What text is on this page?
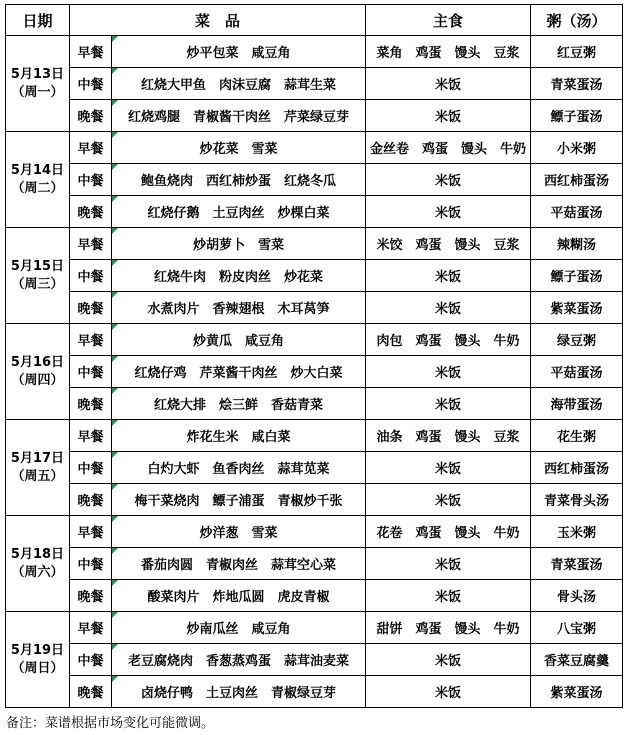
日期	菜　品		主食	粥（汤）

5月13日
（周一）	早餐	炒平包菜　咸豆角	菜角　鸡蛋　馒头　豆浆	红豆粥
	中餐	红烧大甲鱼　肉沫豆腐　蒜茸生菜	米饭	青菜蛋汤
	晚餐	红烧鸡腿　青椒酱干肉丝　芹菜绿豆芽	米饭	鳔子蛋汤

5月14日
（周二）	早餐	炒花菜　雪菜	金丝卷　鸡蛋　馒头　牛奶	小米粥
	中餐	鲍鱼烧肉　西红柿炒蛋　红烧冬瓜	米饭	西红柿蛋汤
	晚餐	红烧仔鹅　土豆肉丝　炒棵白菜	米饭	平菇蛋汤

5月15日
（周三）	早餐	炒胡萝卜　雪菜	米饺　鸡蛋　馒头　豆浆	辣糊汤
	中餐	红烧牛肉　粉皮肉丝　炒花菜	米饭	鳔子蛋汤
	晚餐	水煮肉片　香辣翅根　木耳莴笋	米饭	紫菜蛋汤

5月16日
（周四）	早餐	炒黄瓜　咸豆角	肉包　鸡蛋　馒头　牛奶	绿豆粥
	中餐	红烧仔鸡　芹菜酱干肉丝　炒大白菜	米饭	平菇蛋汤
	晚餐	红烧大排　烩三鲜　香菇青菜	米饭	海带蛋汤

5月17日
（周五）	早餐	炸花生米　咸白菜	油条　鸡蛋　馒头　豆浆	花生粥
	中餐	白灼大虾　鱼香肉丝　蒜茸苋菜	米饭	西红柿蛋汤
	晚餐	梅干菜烧肉　鳔子浦蛋　青椒炒千张	米饭	青菜骨头汤

5月18日
（周六）	早餐	炒洋葱　雪菜	花卷　鸡蛋　馒头　牛奶	玉米粥
	中餐	番茄肉圆　青椒肉丝　蒜茸空心菜	米饭	青菜蛋汤
	晚餐	酸菜肉片　炸地瓜圆　虎皮青椒	米饭	骨头汤

5月19日
（周日）	早餐	炒南瓜丝　咸豆角	甜饼　鸡蛋　馒头　牛奶	八宝粥
	中餐	老豆腐烧肉　香葱蒸鸡蛋　蒜茸油麦菜	米饭	香菜豆腐羹
	晚餐	卤烧仔鸭　土豆肉丝　青椒绿豆芽	米饭	紫菜蛋汤
备注：菜谱根据市场变化可能微调。
